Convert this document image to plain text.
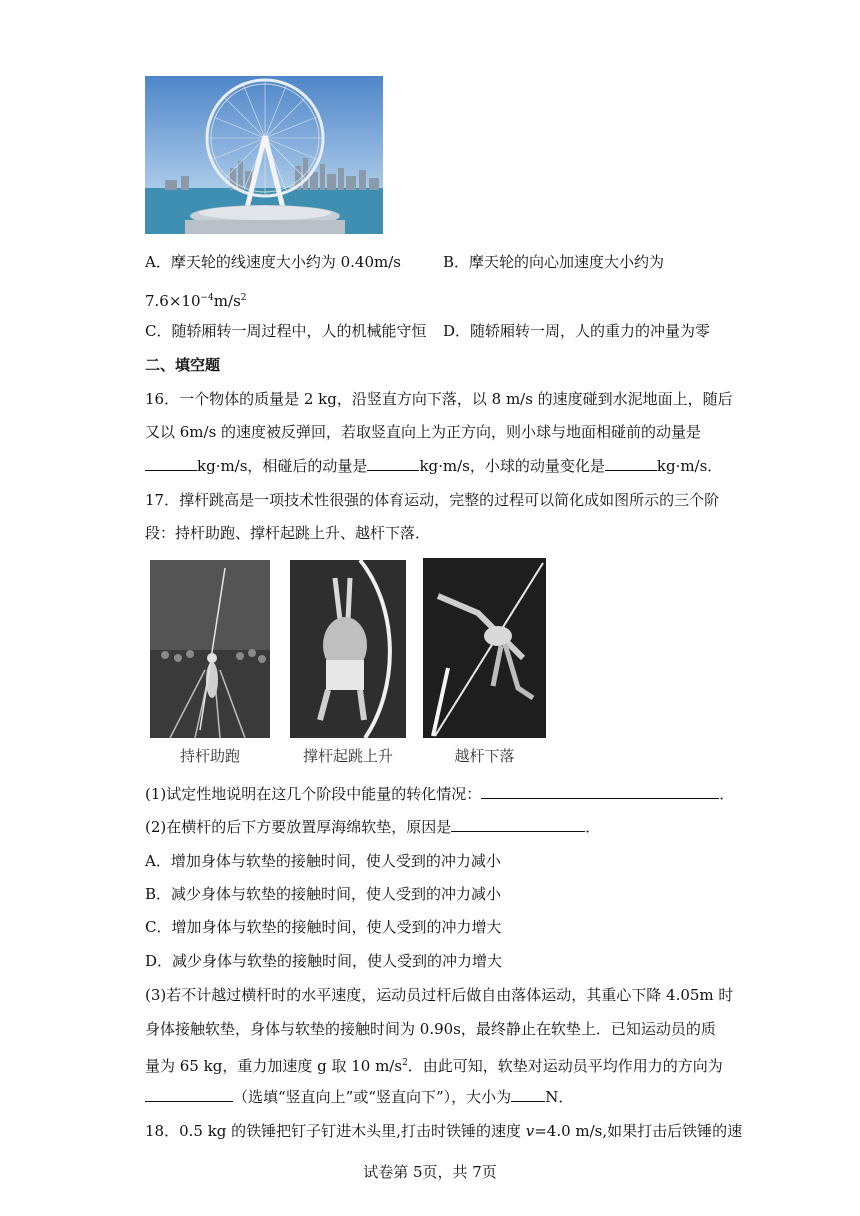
A．摩天轮的线速度大小约为 0.40m/s	B．摩天轮的向心加速度大小约为
$7.6\times 10^{-4}m/s^2$
C．随轿厢转一周过程中，人的机械能守恒 D．随轿厢转一周，人的重力的冲量为零
二、填空题
16．一个物体的质量是 2 kg，沿竖直方向下落，以 8 m/s 的速度碰到水泥地面上，随后
又以 6m/s 的速度被反弹回，若取竖直向上为正方向，则小球与地面相碰前的动量是
kg·m/s，相碰后的动量是	kg·m/s，小球的动量变化是	kg·m/s．
17．撑杆跳高是一项技术性很强的体育运动，完整的过程可以简化成如图所示的三个阶
段：持杆助跑、撑杆起跳上升、越杆下落．
持杆助跑	撑杆起跳上升	越杆下落
(1)试定性地说明在这几个阶段中能量的转化情况：	．
(2)在横杆的后下方要放置厚海绵软垫，原因是	．
A．增加身体与软垫的接触时间，使人受到的冲力减小
B．减少身体与软垫的接触时间，使人受到的冲力减小
C．增加身体与软垫的接触时间，使人受到的冲力增大
D．减少身体与软垫的接触时间，使人受到的冲力增大
(3)若不计越过横杆时的水平速度，运动员过杆后做自由落体运动，其重心下降 4.05m 时
身体接触软垫，身体与软垫的接触时间为 0.90s，最终静止在软垫上．已知运动员的质
量为 65 kg，重力加速度 g 取 10 $m/s^2$．由此可知，软垫对运动员平均作用力的方向为
（选填“竖直向上”或“竖直向下”），大小为 N．
18．0.5 kg 的铁锤把钉子钉进木头里,打击时铁锤的速度 v=4.0 m/s,如果打击后铁锤的速
试卷第 5页，共 7页
